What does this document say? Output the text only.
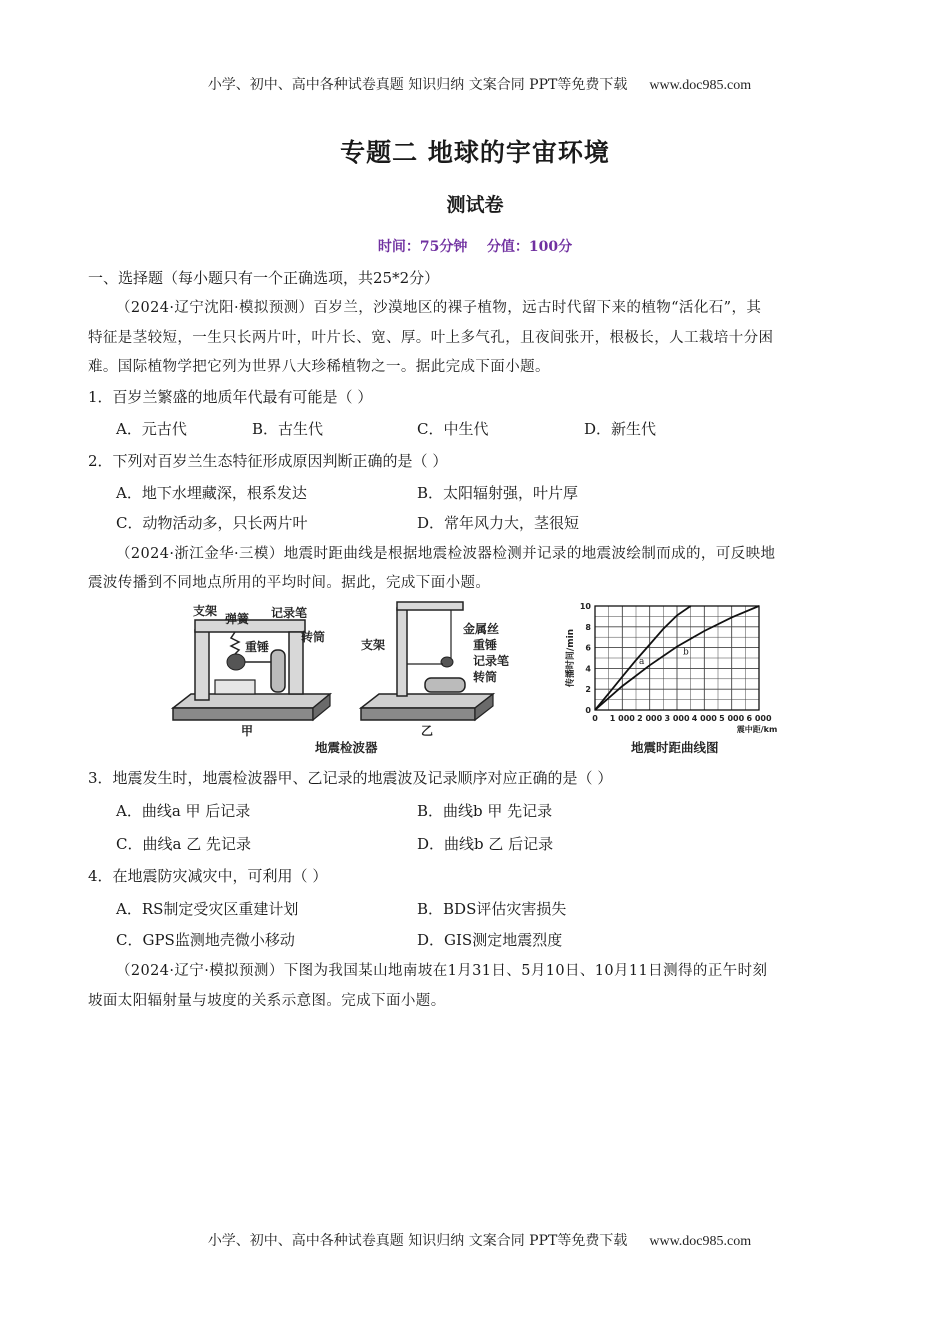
小学、初中、高中各种试卷真题 知识归纳 文案合同 PPT等免费下载 www.doc985.com

专题二 地球的宇宙环境
测试卷
时间：75分钟    分值：100分
一、选择题（每小题只有一个正确选项，共25*2分）
（2024·辽宁沈阳·模拟预测）百岁兰，沙漠地区的裸子植物，远古时代留下来的植物“活化石”，其
特征是茎较短，一生只长两片叶，叶片长、宽、厚。叶上多气孔，且夜间张开，根极长，人工栽培十分困
难。国际植物学把它列为世界八大珍稀植物之一。据此完成下面小题。
1．百岁兰繁盛的地质年代最有可能是（ ）
A．元古代	B．古生代	C．中生代	D．新生代
2．下列对百岁兰生态特征形成原因判断正确的是（ ）
A．地下水埋藏深，根系发达	B．太阳辐射强，叶片厚
C．动物活动多，只长两片叶	D．常年风力大，茎很短
（2024·浙江金华·三模）地震时距曲线是根据地震检波器检测并记录的地震波绘制而成的，可反映地
震波传播到不同地点所用的平均时间。据此，完成下面小题。
支架
弹簧 记录笔
重锤
转筒
甲
支架
金属丝
重锤
记录笔
转筒
乙
地震检波器
0
2
4
6
8
10
0 1 000 2 000 3 000 4 000 5 000 6 000
震中距/km
传播时间/min	a
b
地震时距曲线图
3．地震发生时，地震检波器甲、乙记录的地震波及记录顺序对应正确的是（ ）
A．曲线a 甲 后记录	B．曲线b 甲 先记录
C．曲线a 乙 先记录	D．曲线b 乙 后记录
4．在地震防灾减灾中，可利用（ ）
A．RS制定受灾区重建计划	B．BDS评估灾害损失
C．GPS监测地壳微小移动	D．GIS测定地震烈度
（2024·辽宁·模拟预测）下图为我国某山地南坡在1月31日、5月10日、10月11日测得的正午时刻
坡面太阳辐射量与坡度的关系示意图。完成下面小题。

小学、初中、高中各种试卷真题 知识归纳 文案合同 PPT等免费下载 www.doc985.com
